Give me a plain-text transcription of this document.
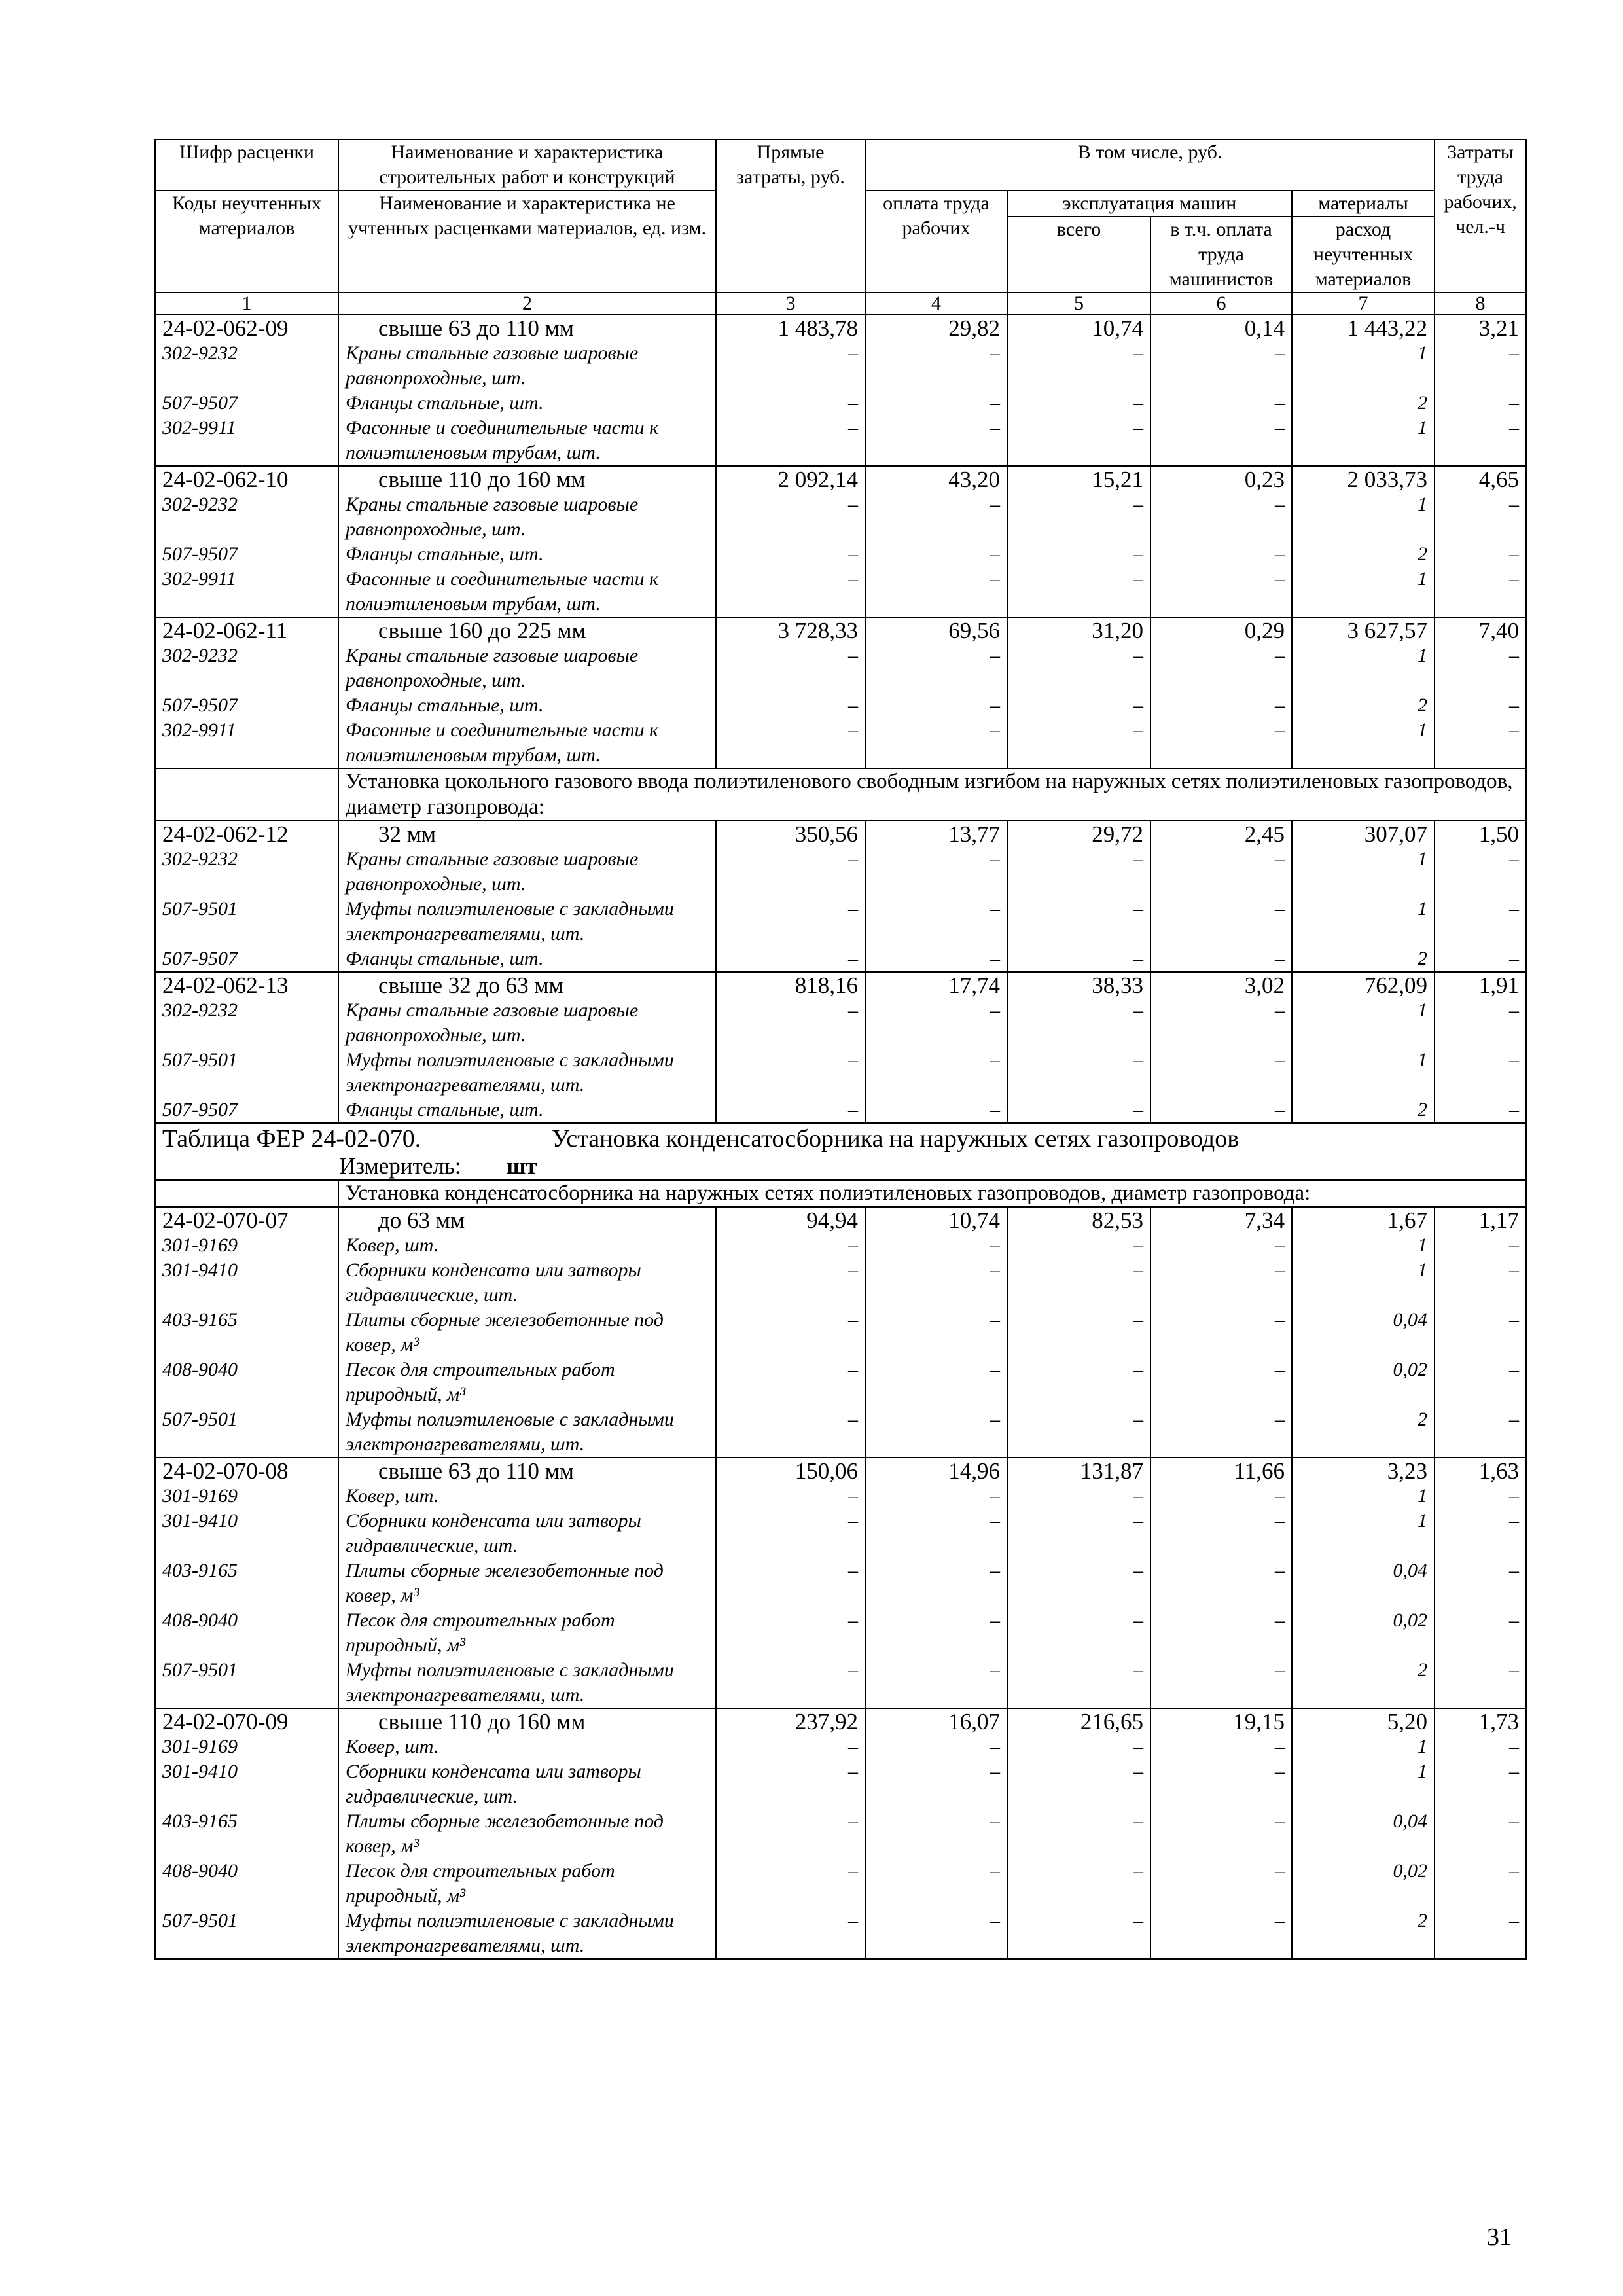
Шифр расценки	Наименование и характеристика строительных работ и конструкций	Прямые затраты, руб.	В том числе, руб.				Затраты труда рабочих, чел.-ч
Коды неучтенных материалов	Наименование и характеристика не учтенных расценками материалов, ед. изм.		оплата труда рабочих	эксплуатация машин		материалы	
				всего	в т.ч. оплата труда машинистов	расход неучтенных материалов	
1	2	3	4	5	6	7	8
24-02-062-09	свыше 63 до 110 мм	1 483,78	29,82	10,74	0,14	1 443,22	3,21
302-9232	Краны стальные газовые шаровые равнопроходные, шт.	–	–	–	–	1	–
507-9507	Фланцы стальные, шт.	–	–	–	–	2	–
302-9911	Фасонные и соединительные части к полиэтиленовым трубам, шт.	–	–	–	–	1	–
24-02-062-10	свыше 110 до 160 мм	2 092,14	43,20	15,21	0,23	2 033,73	4,65
302-9232	Краны стальные газовые шаровые равнопроходные, шт.	–	–	–	–	1	–
507-9507	Фланцы стальные, шт.	–	–	–	–	2	–
302-9911	Фасонные и соединительные части к полиэтиленовым трубам, шт.	–	–	–	–	1	–
24-02-062-11	свыше 160 до 225 мм	3 728,33	69,56	31,20	0,29	3 627,57	7,40
302-9232	Краны стальные газовые шаровые равнопроходные, шт.	–	–	–	–	1	–
507-9507	Фланцы стальные, шт.	–	–	–	–	2	–
302-9911	Фасонные и соединительные части к полиэтиленовым трубам, шт.	–	–	–	–	1	–
	Установка цокольного газового ввода полиэтиленового свободным изгибом на наружных сетях полиэтиленовых газопроводов, диаметр газопровода:						
24-02-062-12	32 мм	350,56	13,77	29,72	2,45	307,07	1,50
302-9232	Краны стальные газовые шаровые равнопроходные, шт.	–	–	–	–	1	–
507-9501	Муфты полиэтиленовые с закладными электронагревателями, шт.	–	–	–	–	1	–
507-9507	Фланцы стальные, шт.	–	–	–	–	2	–
24-02-062-13	свыше 32 до 63 мм	818,16	17,74	38,33	3,02	762,09	1,91
302-9232	Краны стальные газовые шаровые равнопроходные, шт.	–	–	–	–	1	–
507-9501	Муфты полиэтиленовые с закладными электронагревателями, шт.	–	–	–	–	1	–
507-9507	Фланцы стальные, шт.	–	–	–	–	2	–
Таблица ФЕР 24-02-070. Установка конденсатосборника на наружных сетях газопроводов							
Измеритель: шт							
	Установка конденсатосборника на наружных сетях полиэтиленовых газопроводов, диаметр газопровода:						
24-02-070-07	до 63 мм	94,94	10,74	82,53	7,34	1,67	1,17
301-9169	Ковер, шт.	–	–	–	–	1	–
301-9410	Сборники конденсата или затворы гидравлические, шт.	–	–	–	–	1	–
403-9165	Плиты сборные железобетонные под ковер, м³	–	–	–	–	0,04	–
408-9040	Песок для строительных работ природный, м³	–	–	–	–	0,02	–
507-9501	Муфты полиэтиленовые с закладными электронагревателями, шт.	–	–	–	–	2	–
24-02-070-08	свыше 63 до 110 мм	150,06	14,96	131,87	11,66	3,23	1,63
301-9169	Ковер, шт.	–	–	–	–	1	–
301-9410	Сборники конденсата или затворы гидравлические, шт.	–	–	–	–	1	–
403-9165	Плиты сборные железобетонные под ковер, м³	–	–	–	–	0,04	–
408-9040	Песок для строительных работ природный, м³	–	–	–	–	0,02	–
507-9501	Муфты полиэтиленовые с закладными электронагревателями, шт.	–	–	–	–	2	–
24-02-070-09	свыше 110 до 160 мм	237,92	16,07	216,65	19,15	5,20	1,73
301-9169	Ковер, шт.	–	–	–	–	1	–
301-9410	Сборники конденсата или затворы гидравлические, шт.	–	–	–	–	1	–
403-9165	Плиты сборные железобетонные под ковер, м³	–	–	–	–	0,04	–
408-9040	Песок для строительных работ природный, м³	–	–	–	–	0,02	–
507-9501	Муфты полиэтиленовые с закладными электронагревателями, шт.	–	–	–	–	2	–
31
